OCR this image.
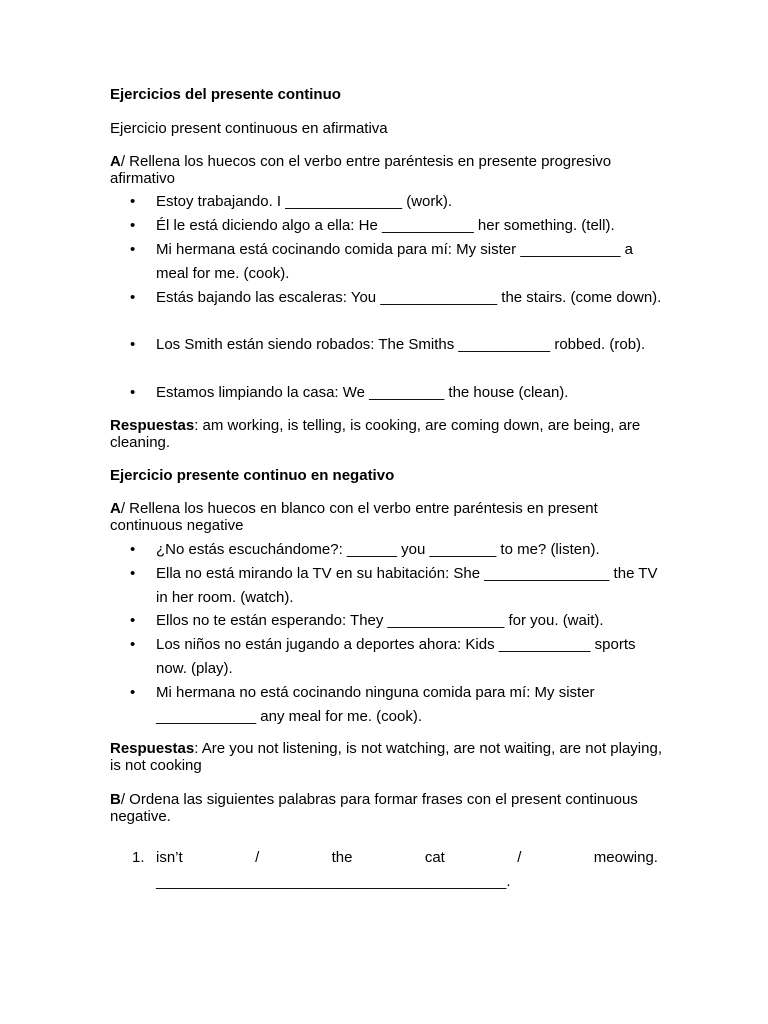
Ejercicios del presente continuo

Ejercicio present continuous en afirmativa

A/ Rellena los huecos con el verbo entre paréntesis en presente progresivo afirmativo

• Estoy trabajando. I ______________ (work).

• Él le está diciendo algo a ella: He ___________ her something. (tell).

• Mi hermana está cocinando comida para mí: My sister ____________ a meal for me. (cook).

• Estás bajando las escaleras: You ______________ the stairs. (come down).

• Los Smith están siendo robados: The Smiths ___________ robbed. (rob).

• Estamos limpiando la casa: We _________ the house (clean).

Respuestas: am working, is telling, is cooking, are coming down, are being, are cleaning.

Ejercicio presente continuo en negativo

A/ Rellena los huecos en blanco con el verbo entre paréntesis en present continuous negative

• ¿No estás escuchándome?: ______ you ________ to me? (listen).

• Ella no está mirando la TV en su habitación: She _______________ the TV in her room. (watch).

• Ellos no te están esperando: They ______________ for you. (wait).

• Los niños no están jugando a deportes ahora: Kids ___________ sports now. (play).

• Mi hermana no está cocinando ninguna comida para mí: My sister ____________ any meal for me. (cook).

Respuestas: Are you not listening, is not watching, are not waiting, are not playing, is not cooking

B/ Ordena las siguientes palabras para formar frases con el present continuous negative.

1. isn’t	/	the	cat	/	meowing.
__________________________________________.
